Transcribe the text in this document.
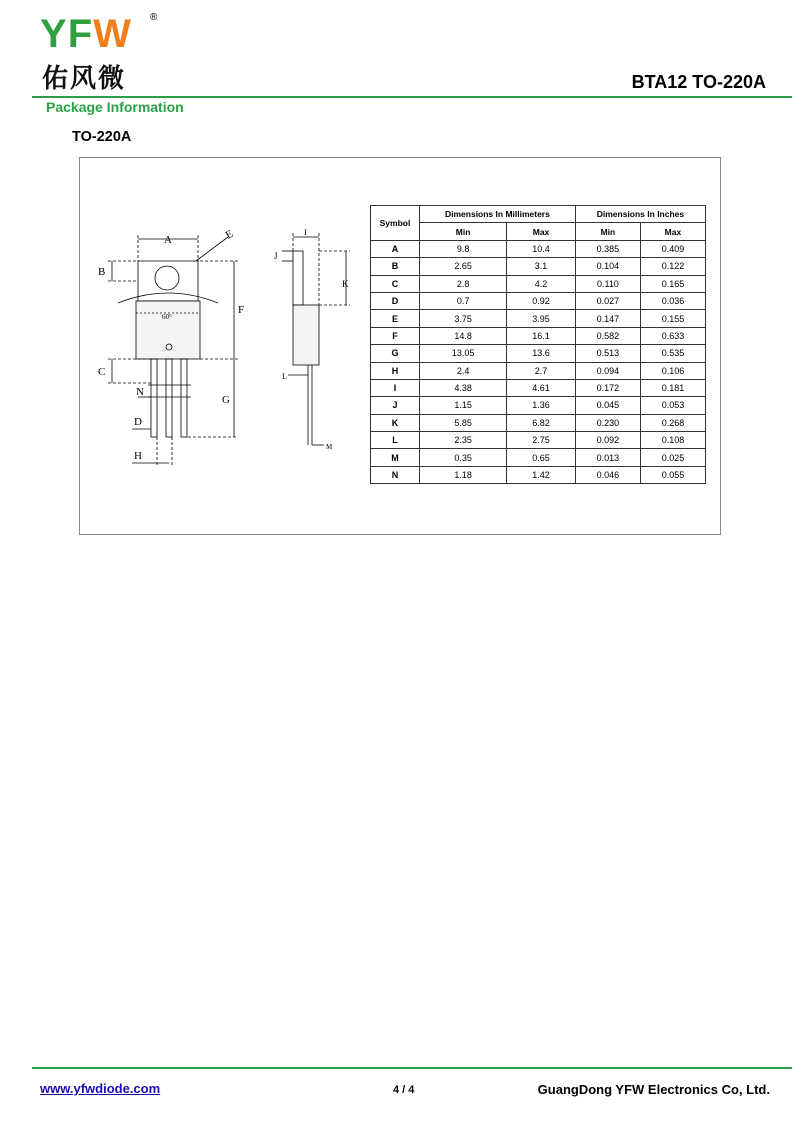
YFW ®
佑风微	BTA12 TO-220A
Package Information
TO-220A
A
B
C
D
E
F
G
H
I
J
K
L
M
N
60°
Symbol	Dimensions In Millimeters		Dimensions In Inches	
	Min	Max	Min	Max
A	9.8	10.4	0.385	0.409
B	2.65	3.1	0.104	0.122
C	2.8	4.2	0.110	0.165
D	0.7	0.92	0.027	0.036
E	3.75	3.95	0.147	0.155
F	14.8	16.1	0.582	0.633
G	13.05	13.6	0.513	0.535
H	2.4	2.7	0.094	0.106
I	4.38	4.61	0.172	0.181
J	1.15	1.36	0.045	0.053
K	5.85	6.82	0.230	0.268
L	2.35	2.75	0.092	0.108
M	0.35	0.65	0.013	0.025
N	1.18	1.42	0.046	0.055
www.yfwdiode.com	4 / 4	GuangDong YFW Electronics Co, Ltd.
